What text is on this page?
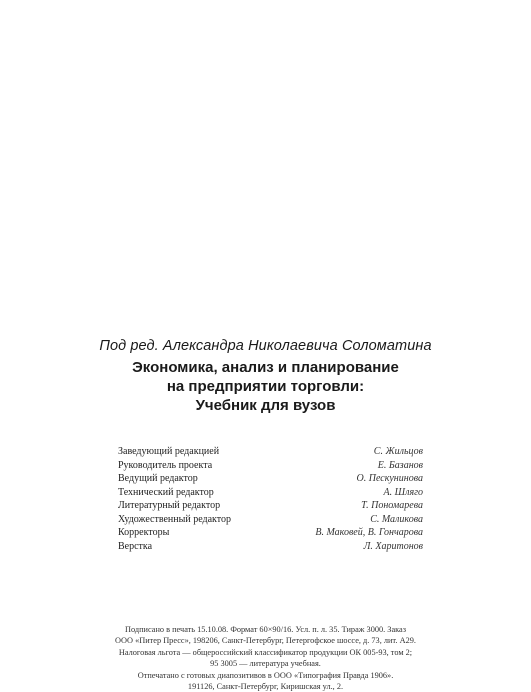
Под ред. Александра Николаевича Соломатина
Экономика, анализ и планирование
на предприятии торговли:
Учебник для вузов
Заведующий редакцией	С. Жильцов
Руководитель проекта	Е. Базанов
Ведущий редактор	О. Пескунинова
Технический редактор	А. Шляго
Литературный редактор	Т. Пономарева
Художественный редактор	С. Маликова
Корректоры	В. Маковей, В. Гончарова
Верстка	Л. Харитонов
Подписано в печать 15.10.08. Формат 60×90/16. Усл. п. л. 35. Тираж 3000. Заказ
ООО «Питер Пресс», 198206, Санкт-Петербург, Петергофское шоссе, д. 73, лит. А29.
Налоговая льгота — общероссийский классификатор продукции ОК 005-93, том 2;
95 3005 — литература учебная.
Отпечатано с готовых диапозитивов в ООО «Типография Правда 1906».
191126, Санкт-Петербург, Киришская ул., 2.
